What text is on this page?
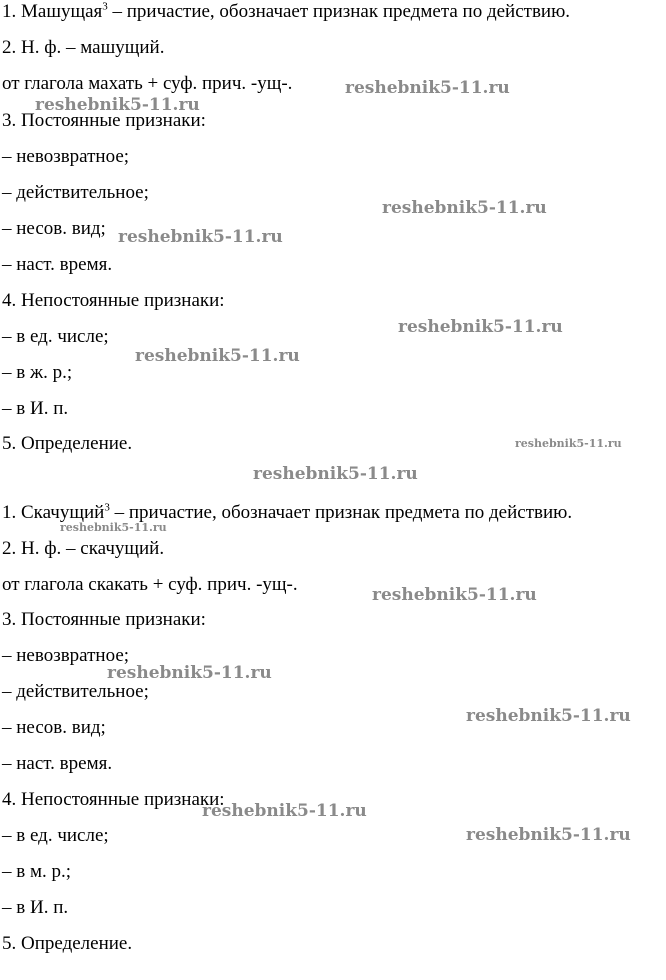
1. Машущая$^3$ – причастие, обозначает признак предмета по действию.
2. Н. ф. – машущий.
от глагола махать + суф. прич. -ущ-.
3. Постоянные признаки:
– невозвратное;
– действительное;
– несов. вид;
– наст. время.
4. Непостоянные признаки:
– в ед. числе;
– в ж. р.;
– в И. п.
5. Определение.
1. Скачущий$^3$ – причастие, обозначает признак предмета по действию.
2. Н. ф. – скачущий.
от глагола скакать + суф. прич. -ущ-.
3. Постоянные признаки:
– невозвратное;
– действительное;
– несов. вид;
– наст. время.
4. Непостоянные признаки:
– в ед. числе;
– в м. р.;
– в И. п.
5. Определение.
reshebnik5-11.ru
reshebnik5-11.ru
reshebnik5-11.ru
reshebnik5-11.ru
reshebnik5-11.ru
reshebnik5-11.ru
reshebnik5-11.ru
reshebnik5-11.ru
reshebnik5-11.ru
reshebnik5-11.ru
reshebnik5-11.ru
reshebnik5-11.ru
reshebnik5-11.ru
reshebnik5-11.ru
